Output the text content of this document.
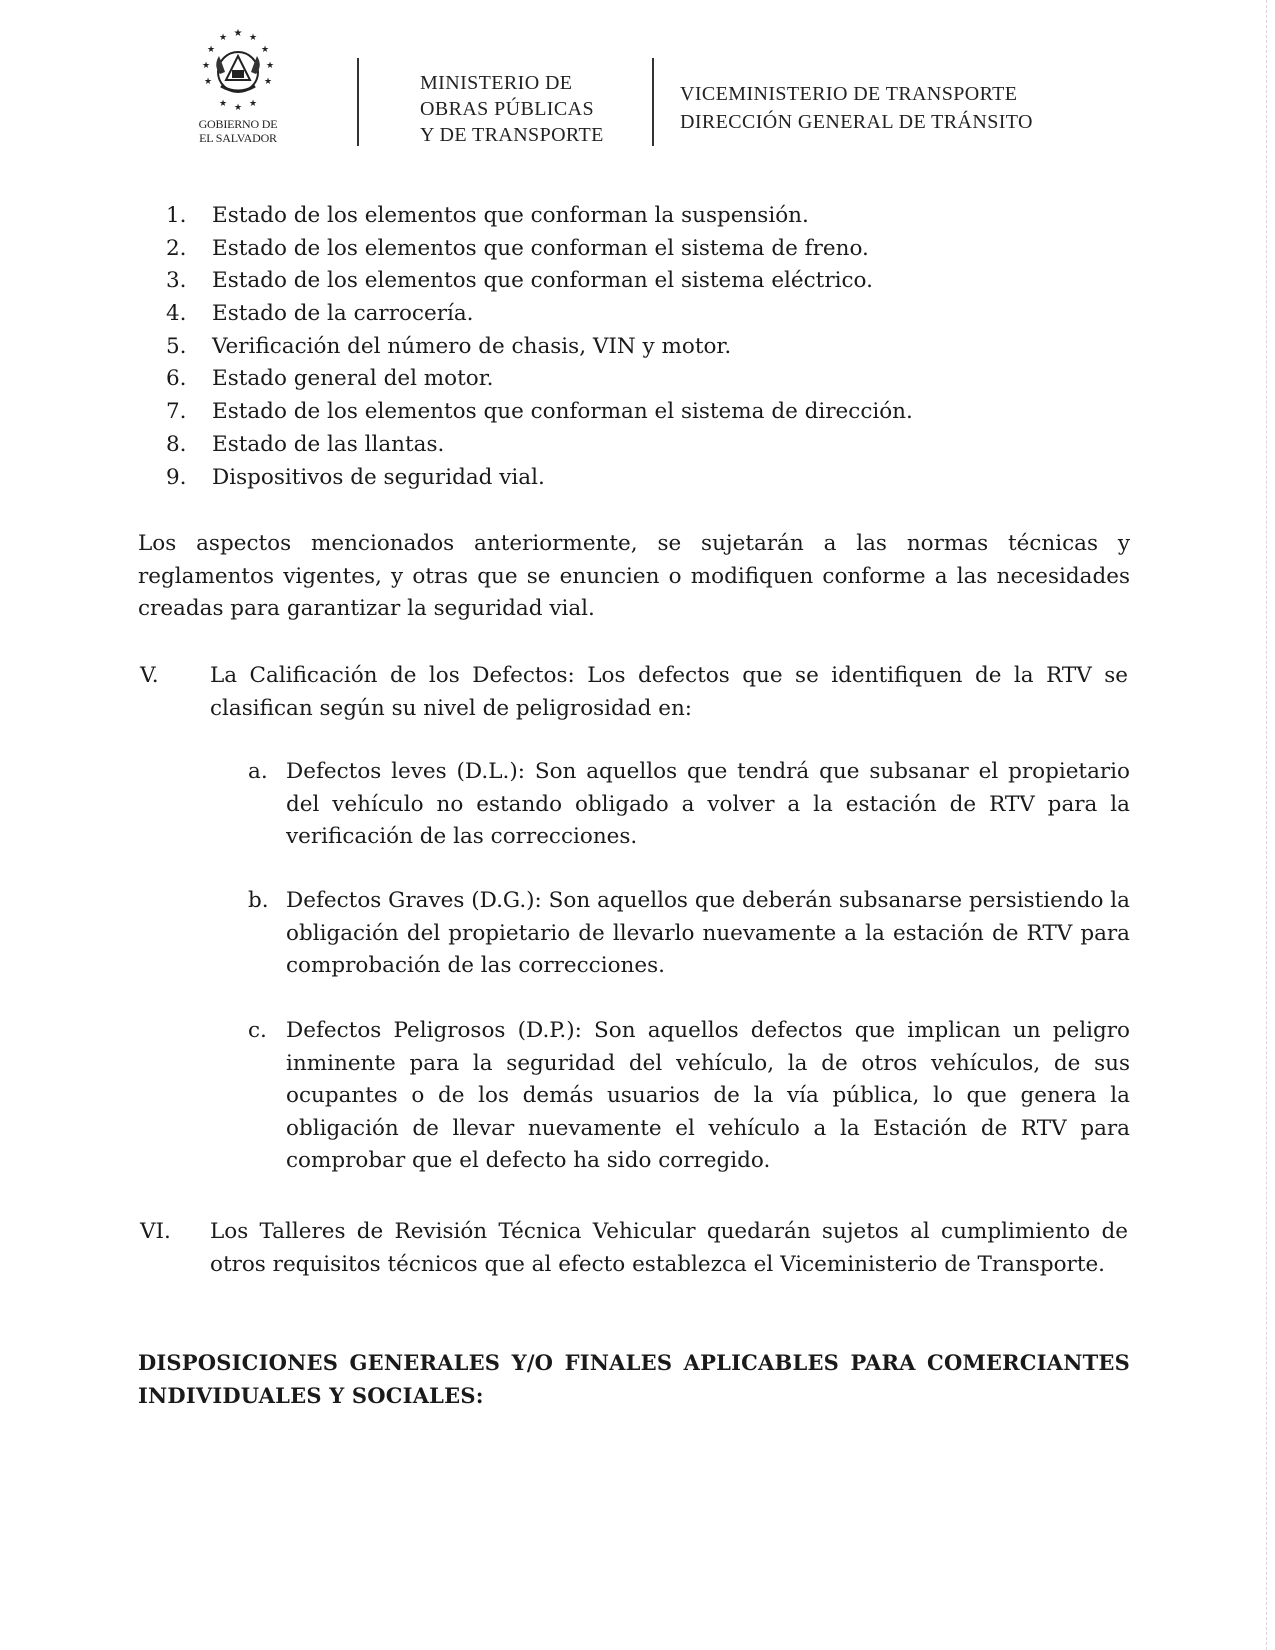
★
★ ★
★	★
★	★
★	★
★ ★ ★
GOBIERNO DE
EL SALVADOR
MINISTERIO DE
OBRAS PÚBLICAS
Y DE TRANSPORTE
VICEMINISTERIO DE TRANSPORTE
DIRECCIÓN GENERAL DE TRÁNSITO
1.	Estado de los elementos que conforman la suspensión.
2.	Estado de los elementos que conforman el sistema de freno.
3.	Estado de los elementos que conforman el sistema eléctrico.
4.	Estado de la carrocería.
5.	Verificación del número de chasis, VIN y motor.
6.	Estado general del motor.
7.	Estado de los elementos que conforman el sistema de dirección.
8.	Estado de las llantas.
9.	Dispositivos de seguridad vial.

Los aspectos mencionados anteriormente, se sujetarán a las normas técnicas y reglamentos vigentes, y otras que se enuncien o modifiquen conforme a las necesidades creadas para garantizar la seguridad vial.

V. La Calificación de los Defectos: Los defectos que se identifiquen de la RTV se clasifican según su nivel de peligrosidad en:
a. Defectos leves (D.L.): Son aquellos que tendrá que subsanar el propietario del vehículo no estando obligado a volver a la estación de RTV para la verificación de las correcciones.
b. Defectos Graves (D.G.): Son aquellos que deberán subsanarse persistiendo la obligación del propietario de llevarlo nuevamente a la estación de RTV para comprobación de las correcciones.
c. Defectos Peligrosos (D.P.): Son aquellos defectos que implican un peligro inminente para la seguridad del vehículo, la de otros vehículos, de sus ocupantes o de los demás usuarios de la vía pública, lo que genera la obligación de llevar nuevamente el vehículo a la Estación de RTV para comprobar que el defecto ha sido corregido.
VI. Los Talleres de Revisión Técnica Vehicular quedarán sujetos al cumplimiento de otros requisitos técnicos que al efecto establezca el Viceministerio de Transporte.

DISPOSICIONES GENERALES Y/O FINALES APLICABLES PARA COMERCIANTES INDIVIDUALES Y SOCIALES:
